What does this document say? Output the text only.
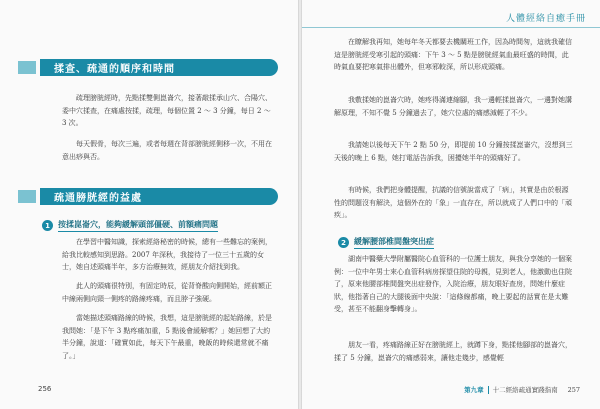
揉查、疏通的順序和時間

疏理膀胱經時，先點揉雙側崑崙穴，接著敲揉承山穴、合陽穴、委中穴揉查，在痛處按揉，疏理，每個位置 2 ～ 3 分鐘，每日 2 ～ 3 次。

每天假骨，每次三遍，或者每週在背部膀胱經側移一次，不用在意出痧與否。

疏通膀胱經的益處
1	按揉崑崙穴，能夠緩解頭部僵硬、前額痛問題

在學習中醫知識，探索經絡秘密的時候，總有一些難忘的案例，給我比較感知到思路。2007 年深秋，我接待了一位三十五歲的女士，她自述頭痛半年，多方治療無效，經朋友介紹找到我。

此人的頭痛很特別，有固定時辰，從背脊酸向側開始，經前額正中線兩側向頸一側疼的路線疼痛，而且脖子強硬。

當她描述頭痛路線的時候，我想，這是膀胱經的起始路線，於是我問她：「是下午 3 點疼痛加重，5 點後會緩解嗎？」她回想了大約半分鐘，說道：「確實如此，每天下午最重，晚飯的時候還常就不痛了。」

256
人體經絡自癒手冊

在瞭解我再知，她每年冬天都要去機關班工作，因為時間匆，這就我確信這是膀胱經受寒引起的頭痛：下午 3 ～ 5 點是膀胱經氣血最旺盛的時間，此時氣血要把寒氣排出體外，但寒邪較深，所以形成頭痛。

我敷揉她的崑崙穴時，她疼得滿連縮腳，我一邊輕揉崑崙穴，一邊對她講解原理，不知不覺 5 分鐘過去了，她穴位處的痛感減輕了不少。

我請她以後每天下午 2 點 50 分，即提前 10 分鐘按揉崑崙穴，沒想到三天後的晚上 6 點，她打電話告訴我，困擾她半年的頭痛好了。

有時候，我們把身體提醒，抗議的信號說當成了「病」，其實是由於根源性的問題沒有解決，這個外在的「象」一直存在，所以就成了人們口中的「頑疾」。

2	緩解腰部椎間盤突出症

湖南中醫藥大學附屬醫院心血管科的一位護士朋友，與我分享她的一個案例：一位中年男士來心血管科病房探望住院的母親，見到老人，他激動也住院了，原來他腰部椎間盤突出症發作，入院治療，朋友眼好查房，問她什麼症狀，他指著自己的大腿後面中央說：「這條線都痛，晚上要起的話實在是太難受，甚至不能翻身擊轉身」。

朋友一看，疼痛路線正好在膀胱經上，就蹲下身，點揉他腳部的崑崙穴，揉了 5 分鐘，崑崙穴的痛感弱來，讓他走幾步，感覺輕

第九章 十二經絡疏通實踐指南 257
